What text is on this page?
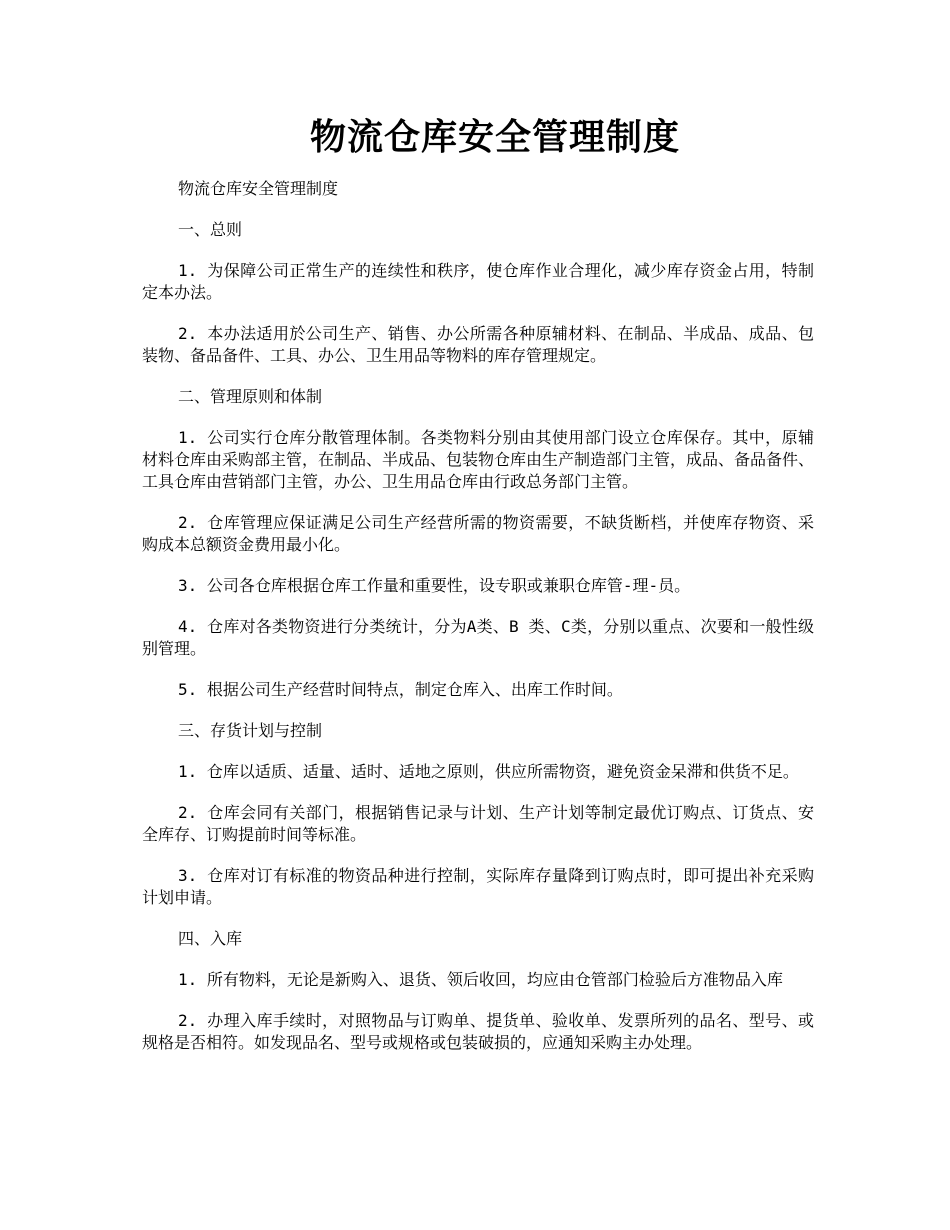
物流仓库安全管理制度

物流仓库安全管理制度

一、总则

1. 为保障公司正常生产的连续性和秩序，使仓库作业合理化，减少库存资金占用，特制定本办法。

2. 本办法适用於公司生产、销售、办公所需各种原辅材料、在制品、半成品、成品、包装物、备品备件、工具、办公、卫生用品等物料的库存管理规定。

二、管理原则和体制

1. 公司实行仓库分散管理体制。各类物料分别由其使用部门设立仓库保存。其中，原辅材料仓库由采购部主管，在制品、半成品、包装物仓库由生产制造部门主管，成品、备品备件、工具仓库由营销部门主管，办公、卫生用品仓库由行政总务部门主管。

2. 仓库管理应保证满足公司生产经营所需的物资需要，不缺货断档，并使库存物资、采购成本总额资金费用最小化。

3. 公司各仓库根据仓库工作量和重要性，设专职或兼职仓库管-理-员。

4. 仓库对各类物资进行分类统计，分为A类、B 类、C类，分别以重点、次要和一般性级别管理。

5. 根据公司生产经营时间特点，制定仓库入、出库工作时间。

三、存货计划与控制

1. 仓库以适质、适量、适时、适地之原则，供应所需物资，避免资金呆滞和供货不足。

2. 仓库会同有关部门，根据销售记录与计划、生产计划等制定最优订购点、订货点、安全库存、订购提前时间等标准。

3. 仓库对订有标准的物资品种进行控制，实际库存量降到订购点时，即可提出补充采购计划申请。

四、入库

1. 所有物料，无论是新购入、退货、领后收回，均应由仓管部门检验后方准物品入库

2. 办理入库手续时，对照物品与订购单、提货单、验收单、发票所列的品名、型号、或规格是否相符。如发现品名、型号或规格或包装破损的，应通知采购主办处理。
